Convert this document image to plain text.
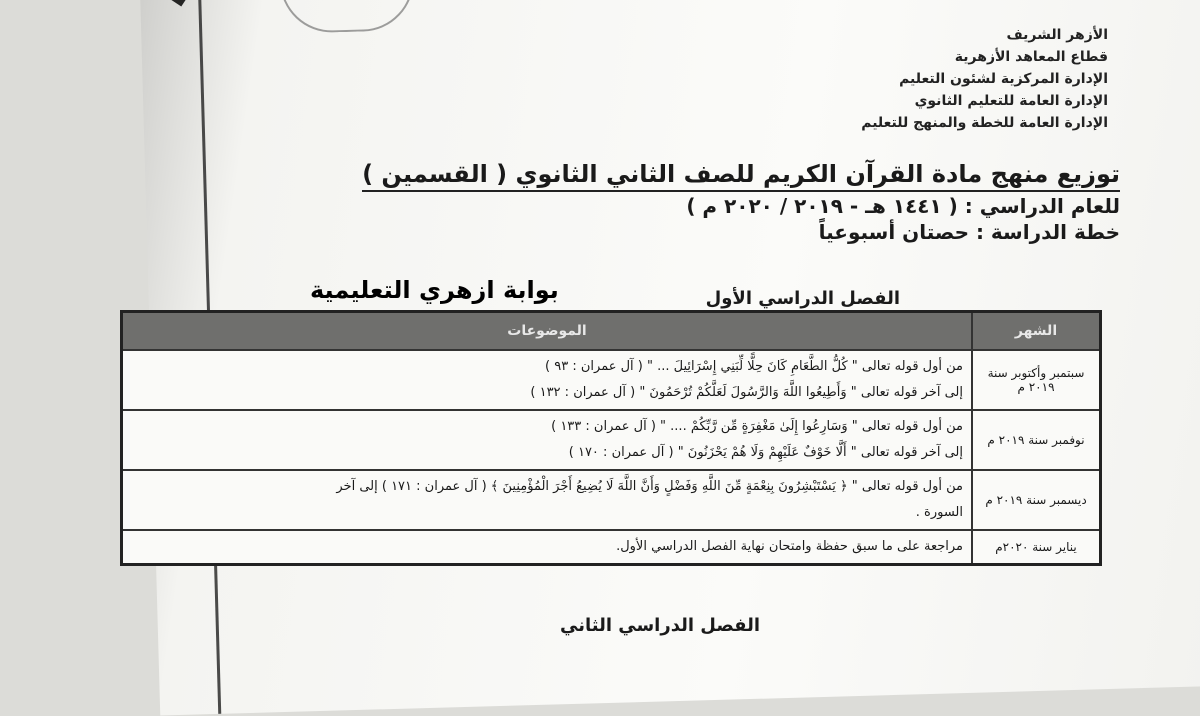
الأزهر الشريف
قطاع المعاهد الأزهرية
الإدارة المركزية لشئون التعليم
الإدارة العامة للتعليم الثانوي
الإدارة العامة للخطة والمنهج للتعليم
توزيع منهج مادة القرآن الكريم للصف الثاني الثانوي ( القسمين )
للعام الدراسي : ( ١٤٤١ هـ - ٢٠١٩ / ٢٠٢٠ م )
خطة الدراسة : حصتان أسبوعياً
الفصل الدراسي الأول
بوابة ازهري التعليمية
الشهر	الموضوعات
سبتمبر وأكتوبر سنة ٢٠١٩ م	من أول قوله تعالى " كُلُّ الطَّعَامِ كَانَ حِلًّا لِّبَنِي إِسْرَائِيلَ ... " ( آل عمران : ٩٣ )
إلى آخر قوله تعالى " وَأَطِيعُوا اللَّهَ وَالرَّسُولَ لَعَلَّكُمْ تُرْحَمُونَ " ( آل عمران : ١٣٢ )

نوفمبر سنة ٢٠١٩ م	من أول قوله تعالى " وَسَارِعُوا إِلَىٰ مَغْفِرَةٍ مِّن رَّبِّكُمْ .... " ( آل عمران : ١٣٣ )
إلى آخر قوله تعالى " أَلَّا خَوْفٌ عَلَيْهِمْ وَلَا هُمْ يَحْزَنُونَ " ( آل عمران : ١٧٠ )

ديسمبر سنة ٢٠١٩ م	من أول قوله تعالى " ﴿ يَسْتَبْشِرُونَ بِنِعْمَةٍ مِّنَ اللَّهِ وَفَضْلٍ وَأَنَّ اللَّهَ لَا يُضِيعُ أَجْرَ الْمُؤْمِنِينَ ﴾ ( آل عمران : ١٧١ ) إلى آخر
السورة .

يناير سنة ٢٠٢٠م	مراجعة على ما سبق حفظة وامتحان نهاية الفصل الدراسي الأول.
الفصل الدراسي الثاني
